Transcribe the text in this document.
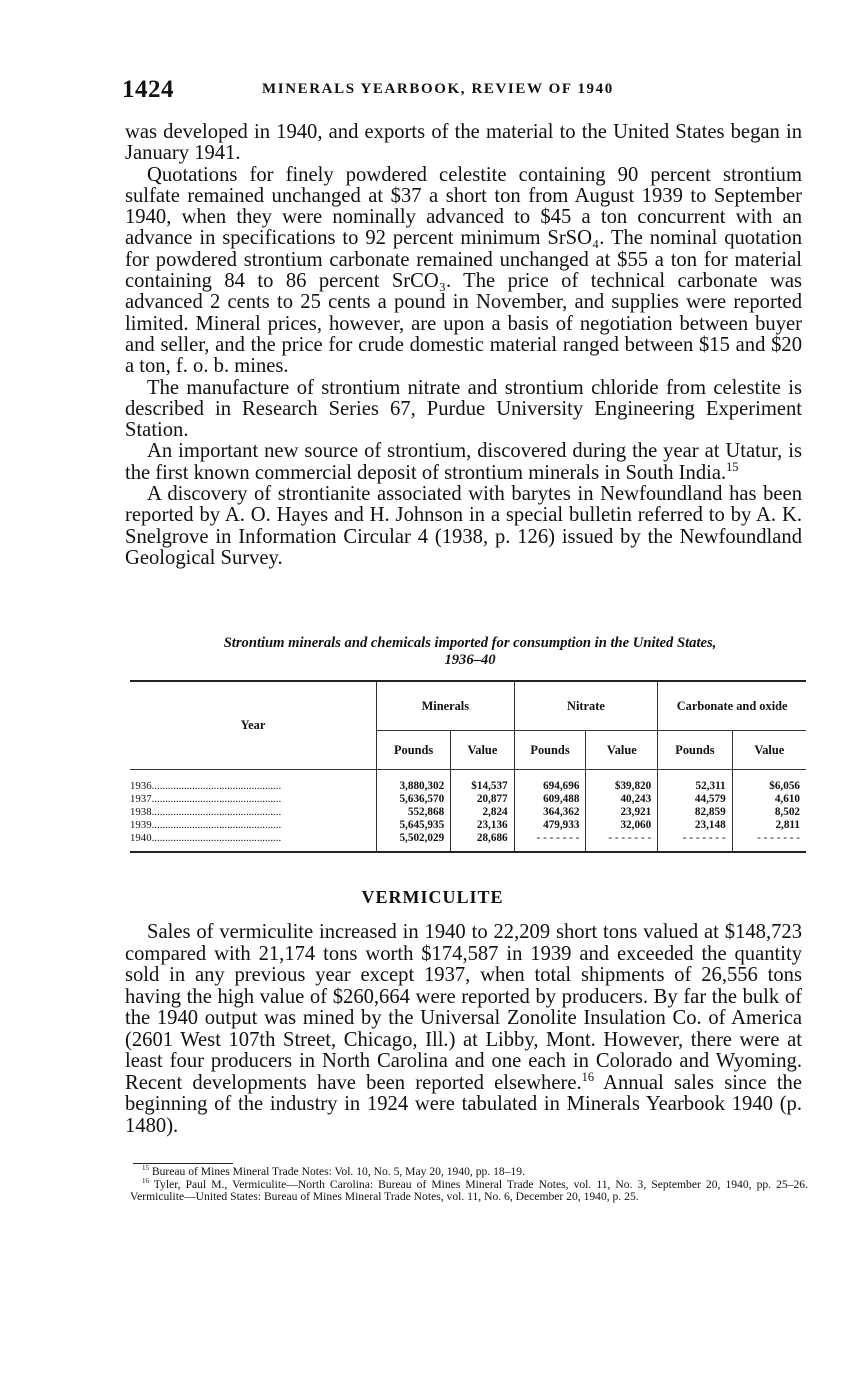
1424	MINERALS YEARBOOK, REVIEW OF 1940

was developed in 1940, and exports of the material to the United States began in January 1941.

Quotations for finely powdered celestite containing 90 percent strontium sulfate remained unchanged at $37 a short ton from August 1939 to September 1940, when they were nominally advanced to $45 a ton concurrent with an advance in specifications to 92 percent minimum SrSO₄. The nominal quotation for powdered strontium carbonate remained unchanged at $55 a ton for material containing 84 to 86 percent SrCO₃. The price of technical carbonate was advanced 2 cents to 25 cents a pound in November, and supplies were reported limited. Mineral prices, however, are upon a basis of negotiation between buyer and seller, and the price for crude domestic material ranged between $15 and $20 a ton, f. o. b. mines.

The manufacture of strontium nitrate and strontium chloride from celestite is described in Research Series 67, Purdue University Engineering Experiment Station.

An important new source of strontium, discovered during the year at Utatur, is the first known commercial deposit of strontium minerals in South India.$^{15}$

A discovery of strontianite associated with barytes in Newfoundland has been reported by A. O. Hayes and H. Johnson in a special bulletin referred to by A. K. Snelgrove in Information Circular 4 (1938, p. 126) issued by the Newfoundland Geological Survey.

Strontium minerals and chemicals imported for consumption in the United States,
1936–40
Year	Minerals		Nitrate		Carbonate and oxide	
	Pounds	Value	Pounds	Value	Pounds	Value
1936................................................	3,880,302	$14,537	694,696	$39,820	52,311	$6,056
1937................................................	5,636,570	20,877	609,488	40,243	44,579	4,610
1938................................................	552,868	2,824	364,362	23,921	82,859	8,502
1939................................................	5,645,935	23,136	479,933	32,060	23,148	2,811
1940................................................	5,502,029	28,686	- - - - - - -	- - - - - - -	- - - - - - -	- - - - - - -
VERMICULITE

Sales of vermiculite increased in 1940 to 22,209 short tons valued at $148,723 compared with 21,174 tons worth $174,587 in 1939 and exceeded the quantity sold in any previous year except 1937, when total shipments of 26,556 tons having the high value of $260,664 were reported by producers. By far the bulk of the 1940 output was mined by the Universal Zonolite Insulation Co. of America (2601 West 107th Street, Chicago, Ill.) at Libby, Mont. However, there were at least four producers in North Carolina and one each in Colorado and Wyoming. Recent developments have been reported elsewhere.$^{16}$ Annual sales since the beginning of the industry in 1924 were tabulated in Minerals Yearbook 1940 (p. 1480).

$^{15}$ Bureau of Mines Mineral Trade Notes: Vol. 10, No. 5, May 20, 1940, pp. 18–19.

$^{16}$ Tyler, Paul M., Vermiculite—North Carolina: Bureau of Mines Mineral Trade Notes, vol. 11, No. 3, September 20, 1940, pp. 25–26. Vermiculite—United States: Bureau of Mines Mineral Trade Notes, vol. 11, No. 6, December 20, 1940, p. 25.
